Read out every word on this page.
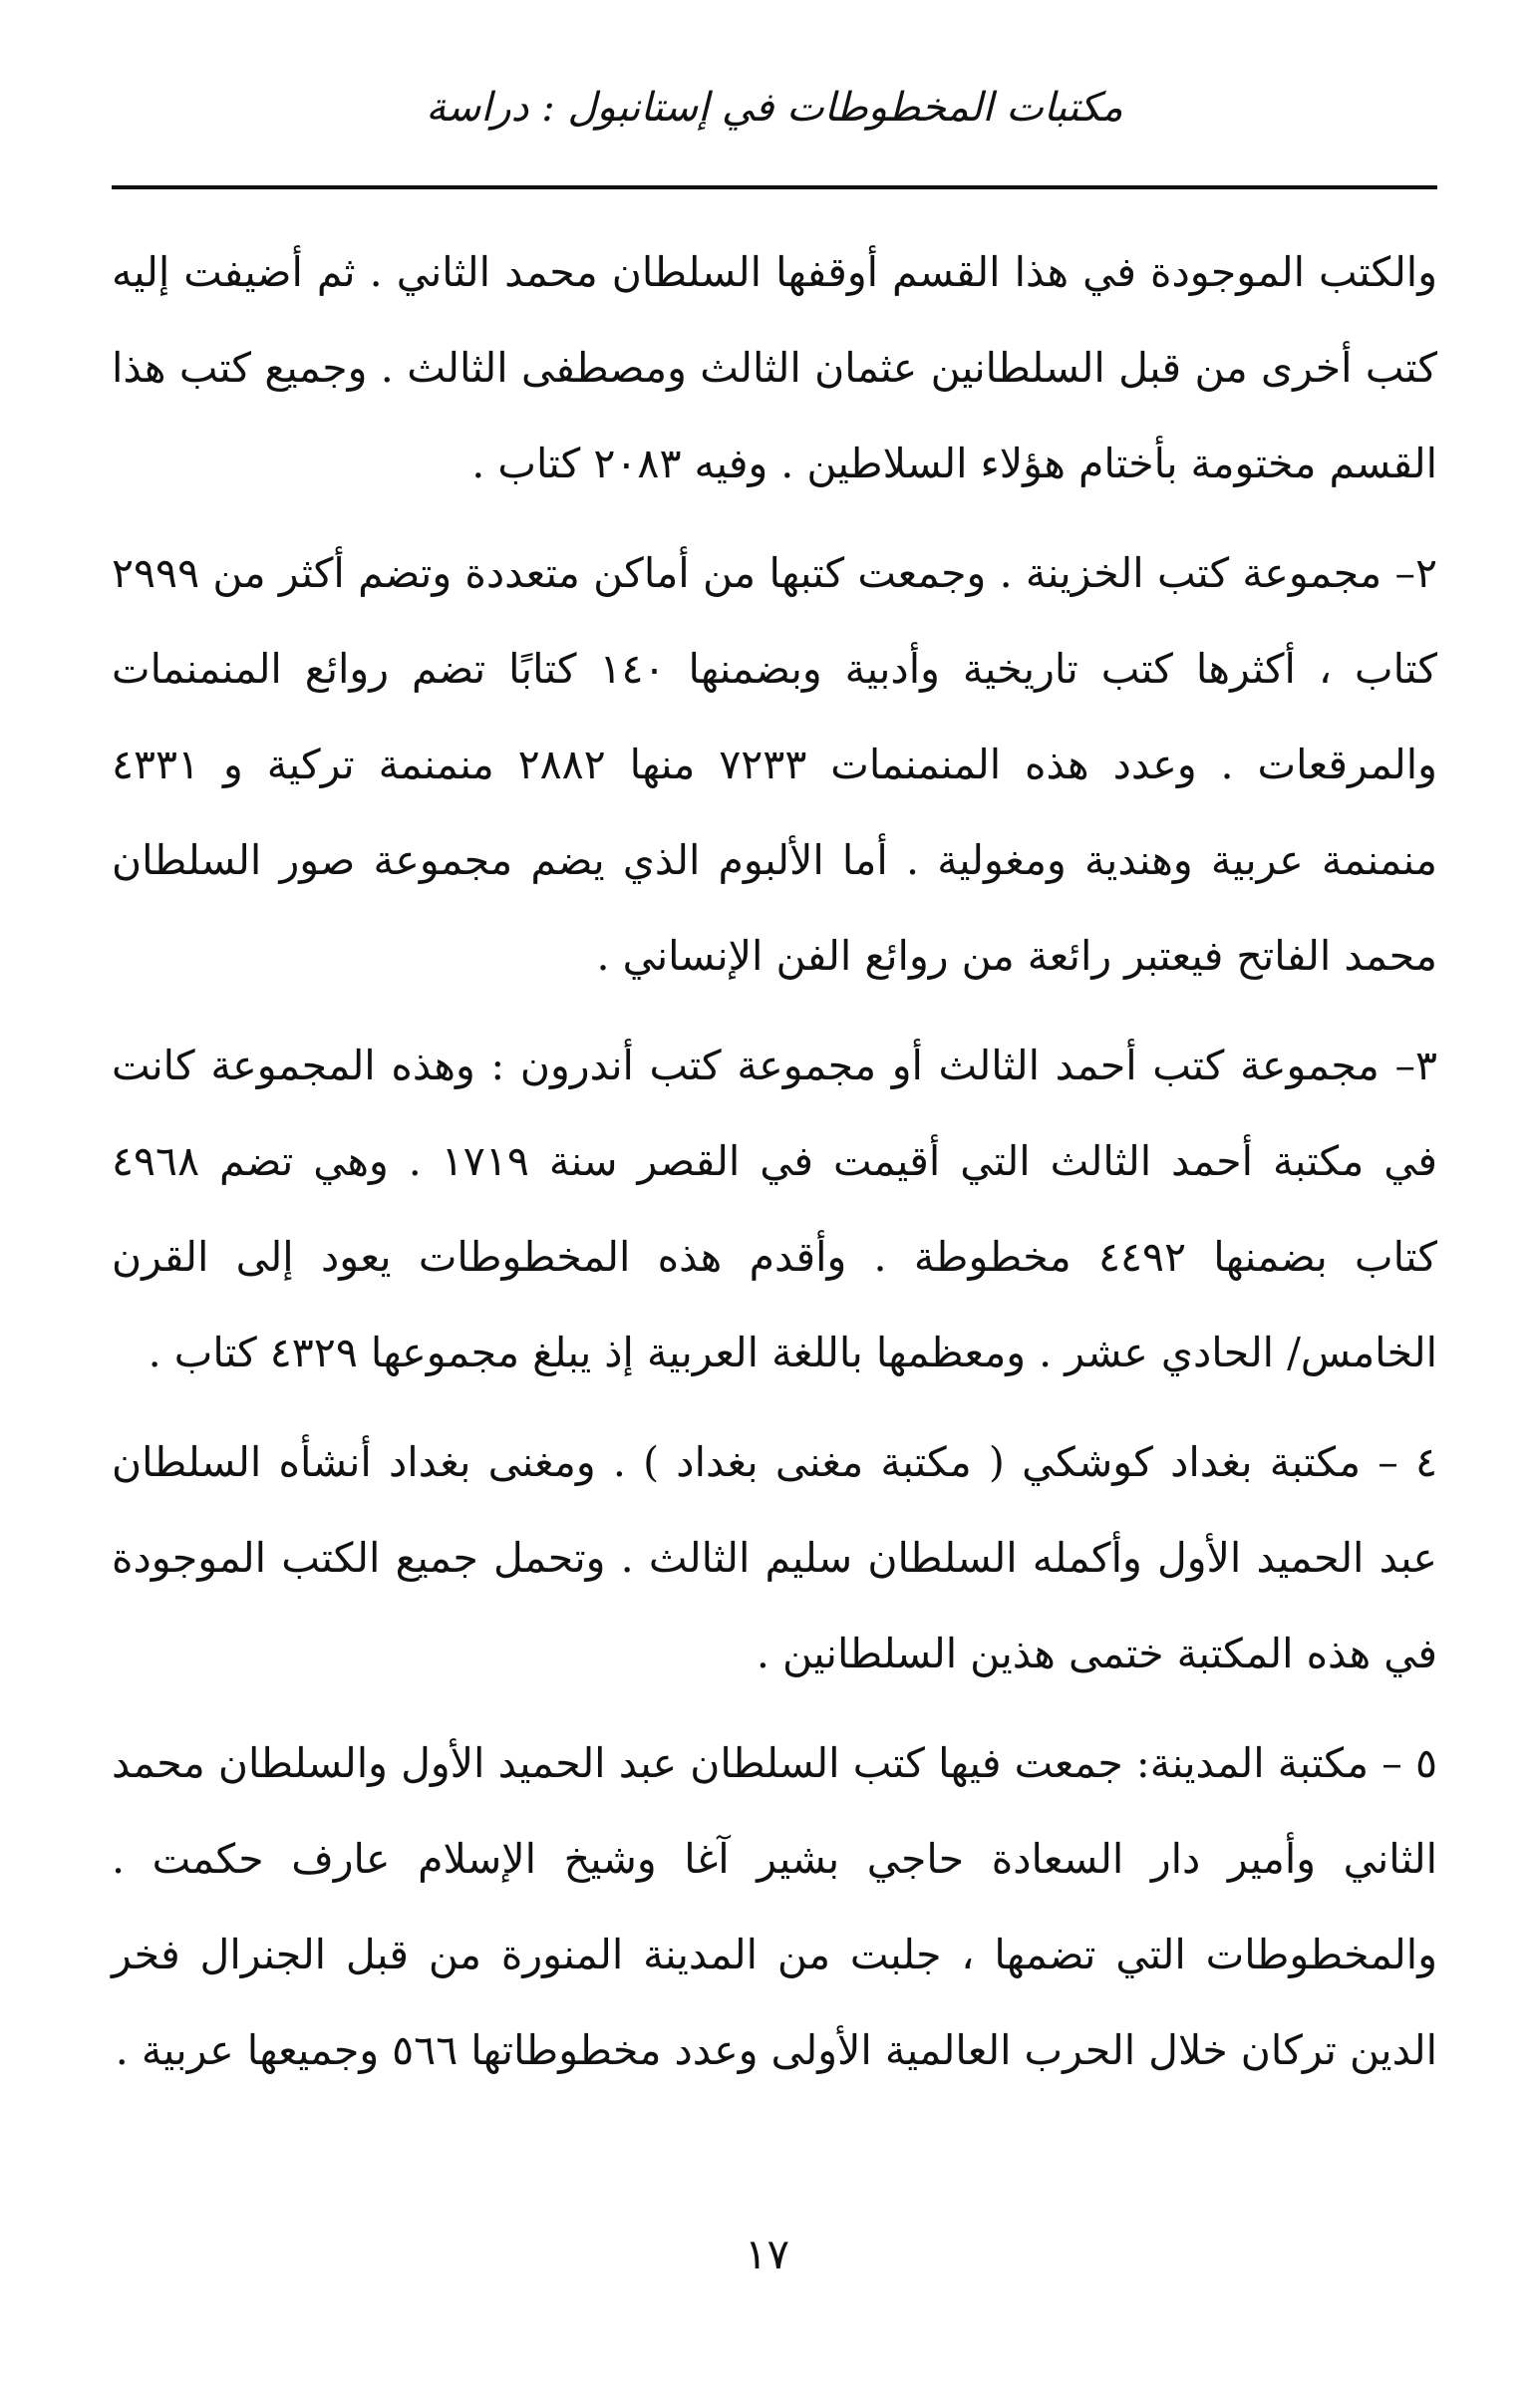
مكتبات المخطوطات في إستانبول : دراسة

والكتب الموجودة في هذا القسم أوقفها السلطان محمد الثاني . ثم أضيفت إليه كتب أخرى من قبل السلطانين عثمان الثالث ومصطفى الثالث . وجميع كتب هذا القسم مختومة بأختام هؤلاء السلاطين . وفيه ٢٠٨٣ كتاب .

٢– مجموعة كتب الخزينة . وجمعت كتبها من أماكن متعددة وتضم أكثر من ٢٩٩٩ كتاب ، أكثرها كتب تاريخية وأدبية وبضمنها ١٤٠ كتابًا تضم روائع المنمنمات والمرقعات . وعدد هذه المنمنمات ٧٢٣٣ منها ٢٨٨٢ منمنمة تركية و ٤٣٣١ منمنمة عربية وهندية ومغولية . أما الألبوم الذي يضم مجموعة صور السلطان محمد الفاتح فيعتبر رائعة من روائع الفن الإنساني .

٣– مجموعة كتب أحمد الثالث أو مجموعة كتب أندرون : وهذه المجموعة كانت في مكتبة أحمد الثالث التي أقيمت في القصر سنة ١٧١٩ . وهي تضم ٤٩٦٨ كتاب بضمنها ٤٤٩٢ مخطوطة . وأقدم هذه المخطوطات يعود إلى القرن الخامس/ الحادي عشر . ومعظمها باللغة العربية إذ يبلغ مجموعها ٤٣٢٩ كتاب .

٤ – مكتبة بغداد كوشكي ( مكتبة مغنى بغداد ) . ومغنى بغداد أنشأه السلطان عبد الحميد الأول وأكمله السلطان سليم الثالث . وتحمل جميع الكتب الموجودة في هذه المكتبة ختمى هذين السلطانين .

٥ – مكتبة المدينة: جمعت فيها كتب السلطان عبد الحميد الأول والسلطان محمد الثاني وأمير دار السعادة حاجي بشير آغا وشيخ الإسلام عارف حكمت . والمخطوطات التي تضمها ، جلبت من المدينة المنورة من قبل الجنرال فخر الدين تركان خلال الحرب العالمية الأولى وعدد مخطوطاتها ٥٦٦ وجميعها عربية .

١٧
